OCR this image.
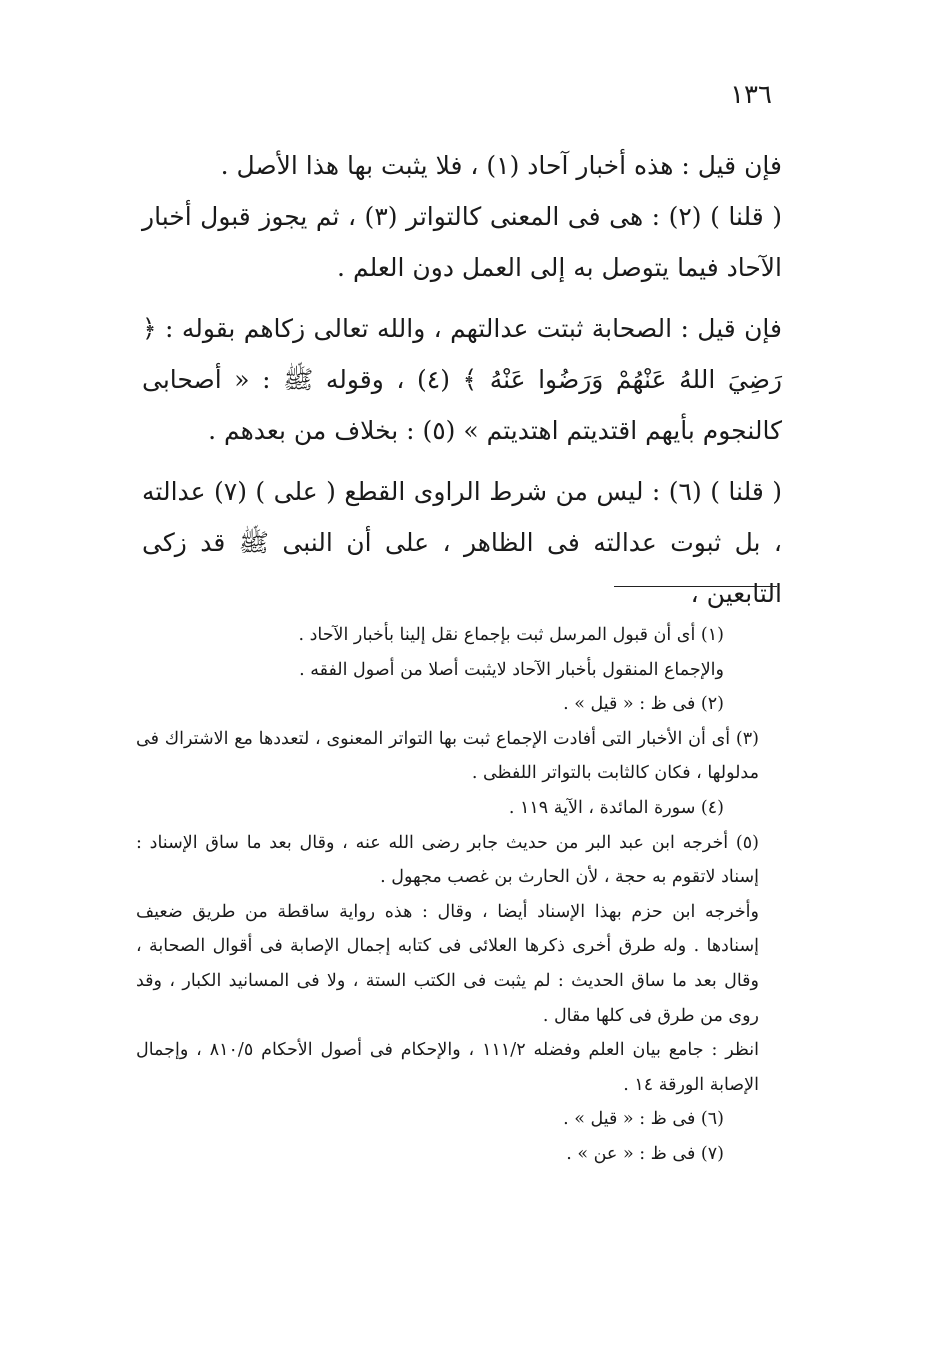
١٣٦

فإن قيل : هذه أخبار آحاد (١) ، فلا يثبت بها هذا الأصل .

( قلنا ) (٢) : هى فى المعنى كالتواتر (٣) ، ثم يجوز قبول أخبار الآحاد فيما يتوصل به إلى العمل دون العلم .

فإن قيل : الصحابة ثبتت عدالتهم ، والله تعالى زكاهم بقوله : ﴿ رَضِيَ اللهُ عَنْهُمْ وَرَضُوا عَنْهُ ﴾ (٤) ، وقوله ﷺ : « أصحابى كالنجوم بأيهم اقتديتم اهتديتم » (٥) : بخلاف من بعدهم .

( قلنا ) (٦) : ليس من شرط الراوى القطع ( على ) (٧) عدالته ، بل ثبوت عدالته فى الظاهر ، على أن النبى ﷺ قد زكى التابعين ،

(١) أى أن قبول المرسل ثبت بإجماع نقل إلينا بأخبار الآحاد .

والإجماع المنقول بأخبار الآحاد لايثبت أصلا من أصول الفقه .

(٢) فى ظ : « قيل » .

(٣) أى أن الأخبار التى أفادت الإجماع ثبت بها التواتر المعنوى ، لتعددها مع الاشتراك فى مدلولها ، فكان كالثابت بالتواتر اللفظى .

(٤) سورة المائدة ، الآية ١١٩ .

(٥) أخرجه ابن عبد البر من حديث جابر رضى الله عنه ، وقال بعد ما ساق الإسناد : إسناد لاتقوم به حجة ، لأن الحارث بن غصب مجهول .

وأخرجه ابن حزم بهذا الإسناد أيضا ، وقال : هذه رواية ساقطة من طريق ضعيف إسنادها . وله طرق أخرى ذكرها العلائى فى كتابه إجمال الإصابة فى أقوال الصحابة ، وقال بعد ما ساق الحديث : لم يثبت فى الكتب الستة ، ولا فى المسانيد الكبار ، وقد روى من طرق فى كلها مقال .

انظر : جامع بيان العلم وفضله ١١١/٢ ، والإحكام فى أصول الأحكام ٨١٠/٥ ، وإجمال الإصابة الورقة ١٤ .

(٦) فى ظ : « قيل » .

(٧) فى ظ : « عن » .
